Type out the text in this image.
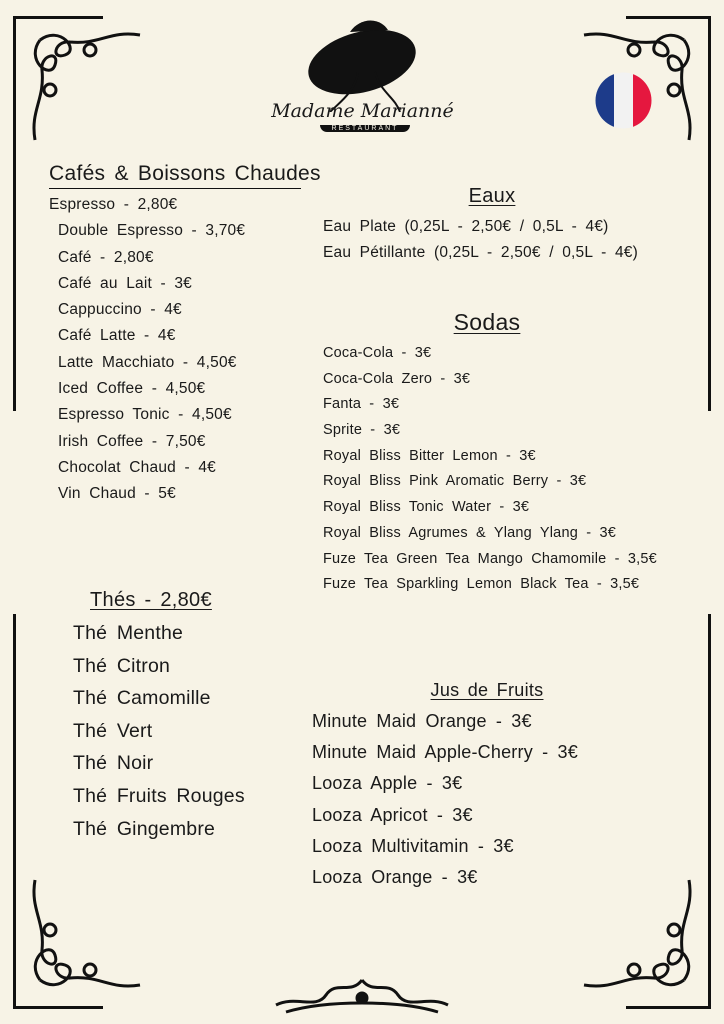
Madame Marianné
RESTAURANT
Cafés & Boissons Chaudes
Espresso - 2,80€
Double Espresso - 3,70€
Café - 2,80€
Café au Lait - 3€
Cappuccino - 4€
Café Latte - 4€
Latte Macchiato - 4,50€
Iced Coffee - 4,50€
Espresso Tonic - 4,50€
Irish Coffee - 7,50€
Chocolat Chaud - 4€
Vin Chaud - 5€
Eaux
Eau Plate (0,25L - 2,50€ / 0,5L - 4€)
Eau Pétillante (0,25L - 2,50€ / 0,5L - 4€)
Sodas
Coca-Cola - 3€
Coca-Cola Zero - 3€
Fanta - 3€
Sprite - 3€
Royal Bliss Bitter Lemon - 3€
Royal Bliss Pink Aromatic Berry - 3€
Royal Bliss Tonic Water - 3€
Royal Bliss Agrumes & Ylang Ylang - 3€
Fuze Tea Green Tea Mango Chamomile - 3,5€
Fuze Tea Sparkling Lemon Black Tea - 3,5€
Thés - 2,80€
Thé Menthe
Thé Citron
Thé Camomille
Thé Vert
Thé Noir
Thé Fruits Rouges
Thé Gingembre
Jus de Fruits
Minute Maid Orange - 3€
Minute Maid Apple-Cherry - 3€
Looza Apple - 3€
Looza Apricot - 3€
Looza Multivitamin - 3€
Looza Orange - 3€
